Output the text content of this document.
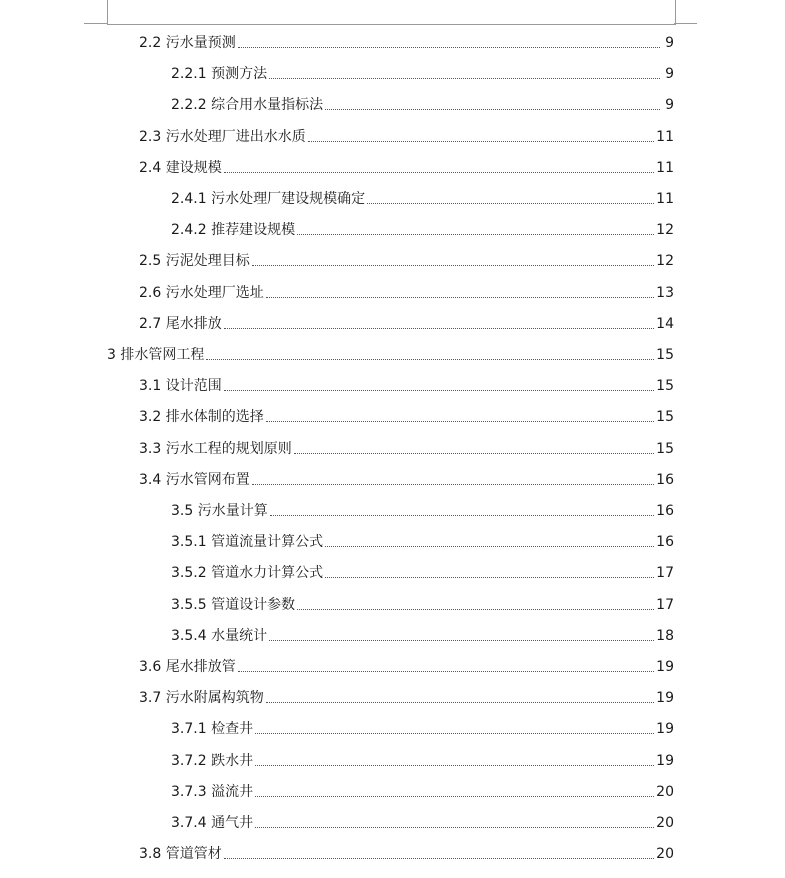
2.2 污水量预测	9
2.2.1 预测方法	9
2.2.2 综合用水量指标法	9
2.3 污水处理厂进出水水质	11
2.4 建设规模	11
2.4.1 污水处理厂建设规模确定	11
2.4.2 推荐建设规模	12
2.5 污泥处理目标	12
2.6 污水处理厂选址	13
2.7 尾水排放	14
3 排水管网工程	15
3.1 设计范围	15
3.2 排水体制的选择	15
3.3 污水工程的规划原则	15
3.4 污水管网布置	16
3.5 污水量计算	16
3.5.1 管道流量计算公式	16
3.5.2 管道水力计算公式	17
3.5.5 管道设计参数	17
3.5.4 水量统计	18
3.6 尾水排放管	19
3.7 污水附属构筑物	19
3.7.1 检查井	19
3.7.2 跌水井	19
3.7.3 溢流井	20
3.7.4 通气井	20
3.8 管道管材	20
